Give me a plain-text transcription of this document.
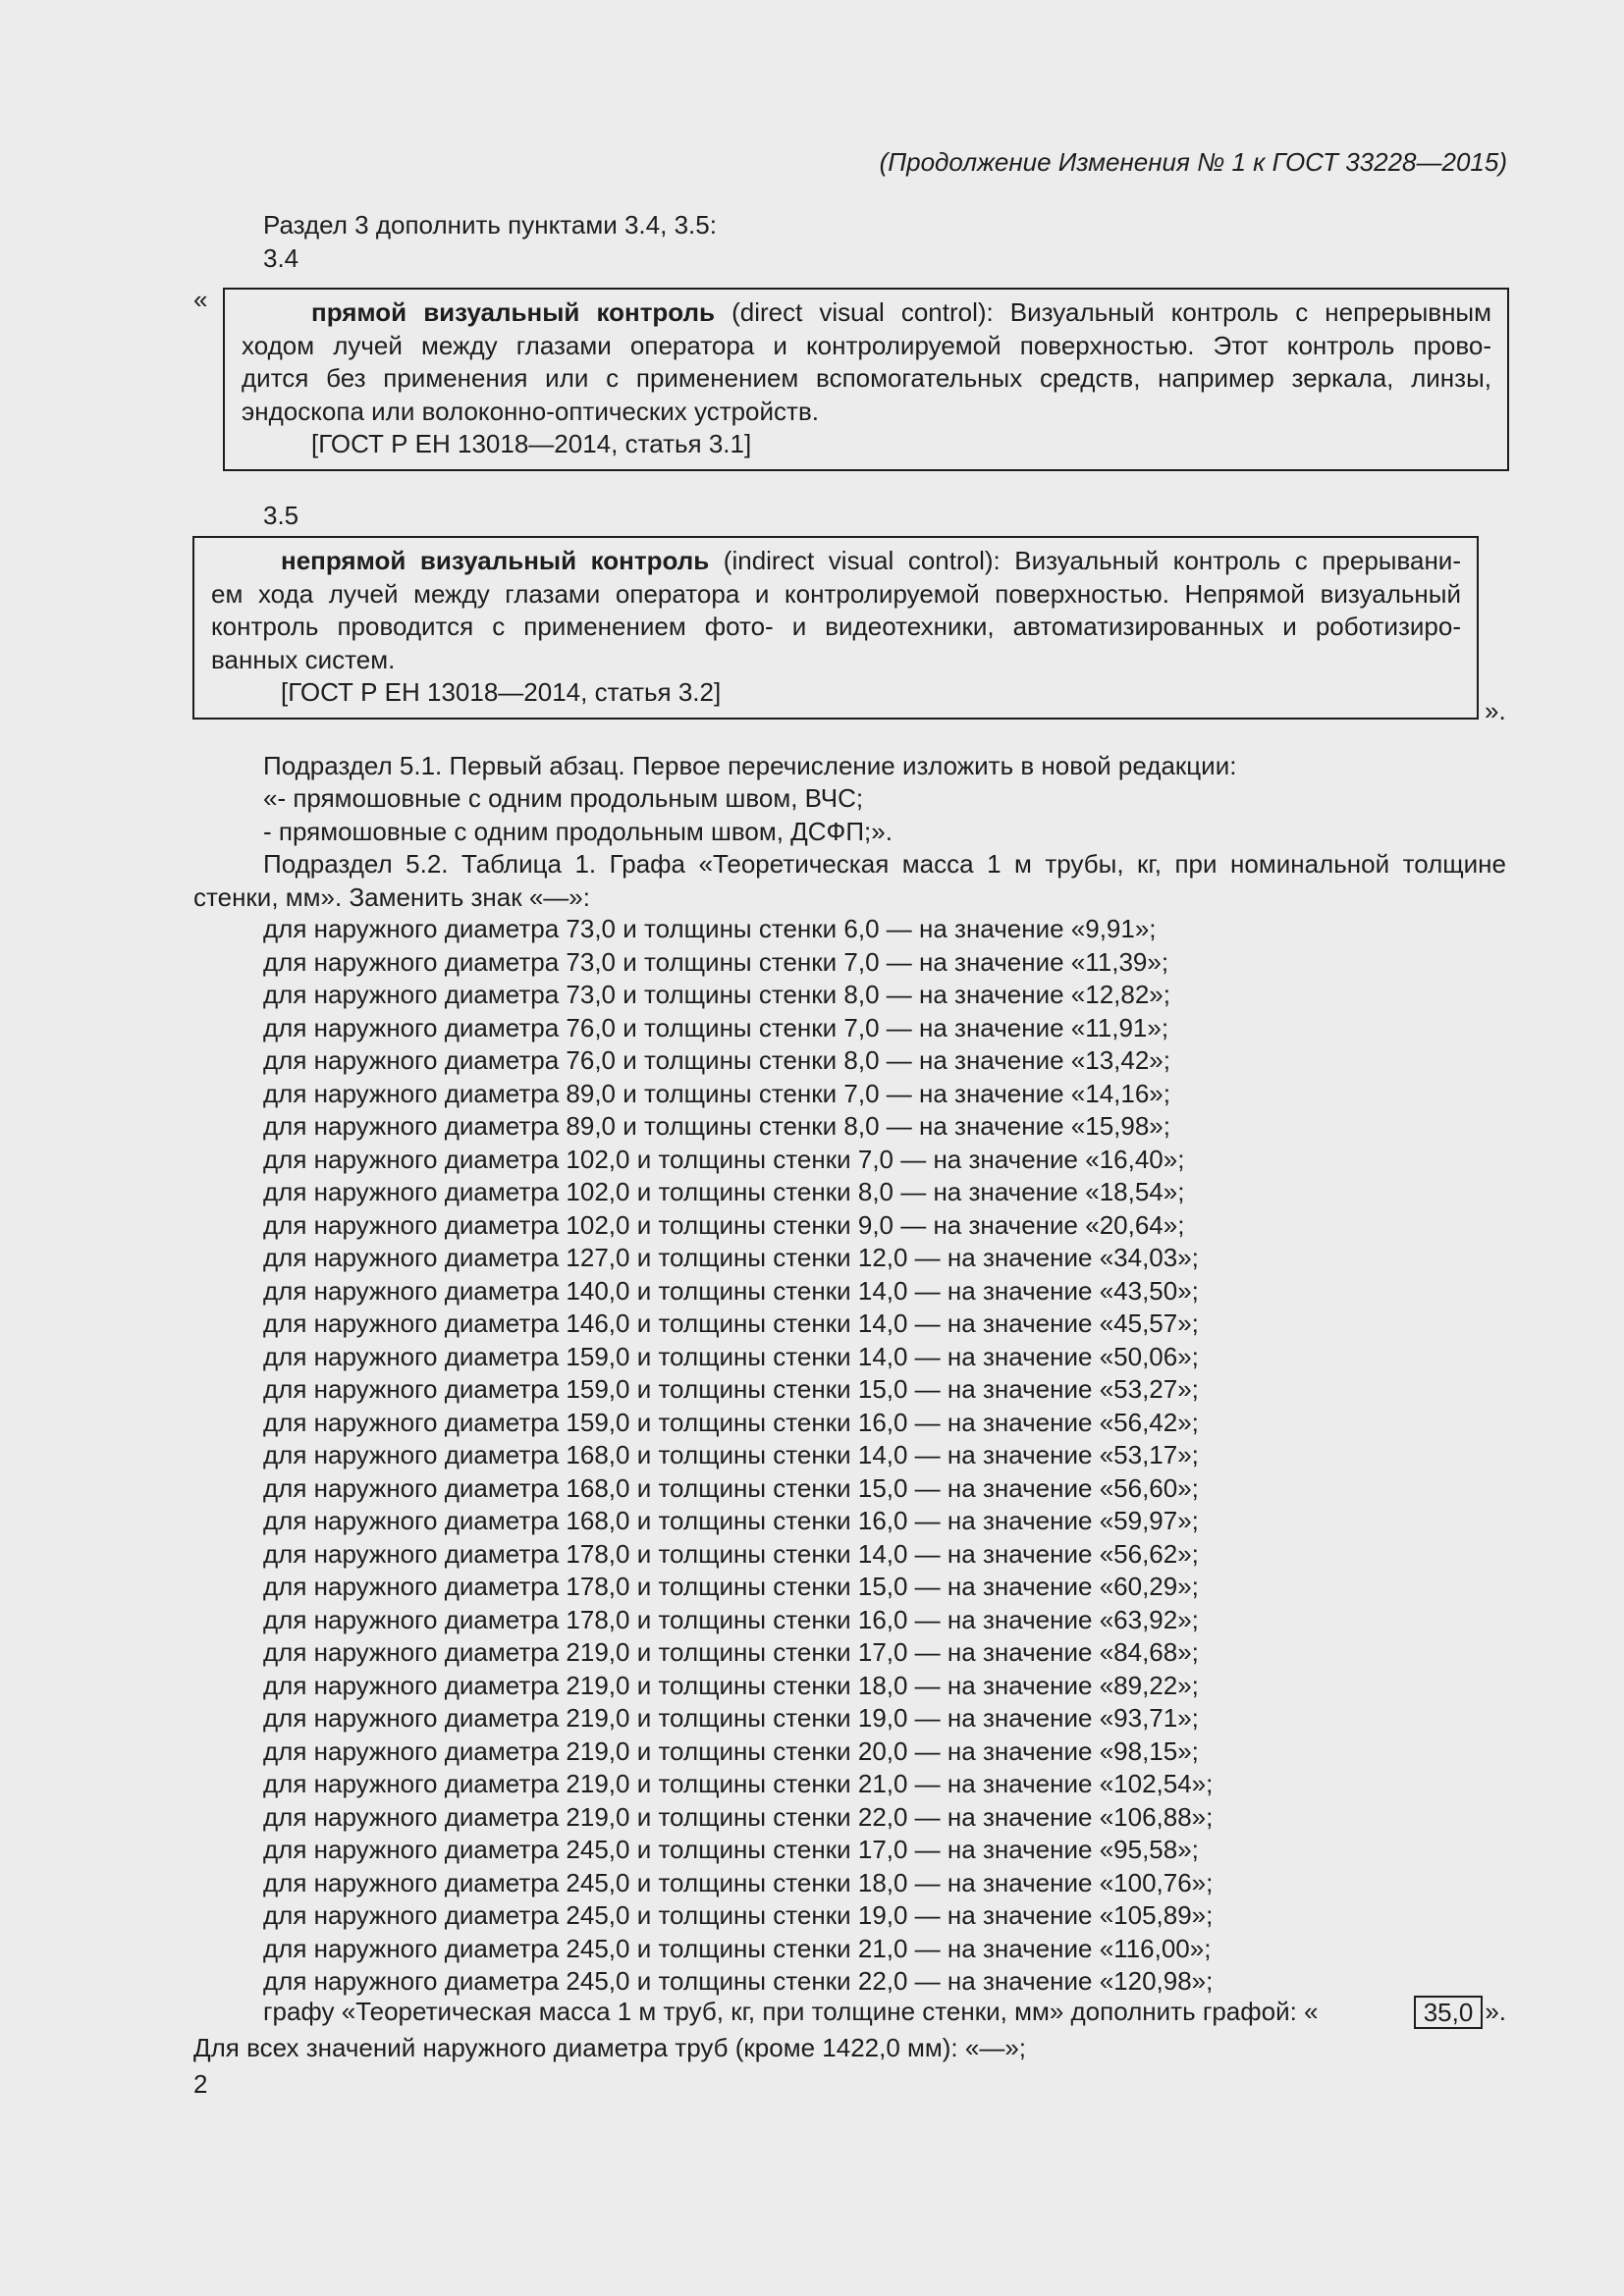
(Продолжение Изменения № 1 к ГОСТ 33228—2015)
Раздел 3 дополнить пунктами 3.4, 3.5:
3.4
«	прямой визуальный контроль (direct visual control): Визуальный контроль с непрерывным
ходом лучей между глазами оператора и контролируемой поверхностью. Этот контроль прово-
дится без применения или с применением вспомогательных средств, например зеркала, линзы,
эндоскопа или волоконно-оптических устройств.
[ГОСТ Р ЕН 13018—2014, статья 3.1]
3.5
непрямой визуальный контроль (indirect visual control): Визуальный контроль с прерывани-
ем хода лучей между глазами оператора и контролируемой поверхностью. Непрямой визуальный
контроль проводится с применением фото- и видеотехники, автоматизированных и роботизиро-
ванных систем.
[ГОСТ Р ЕН 13018—2014, статья 3.2]
».
Подраздел 5.1. Первый абзац. Первое перечисление изложить в новой редакции:
«- прямошовные с одним продольным швом, ВЧС;
- прямошовные с одним продольным швом, ДСФП;».
Подраздел 5.2. Таблица 1. Графа «Теоретическая масса 1 м трубы, кг, при номинальной толщине
стенки, мм». Заменить знак «—»:
для наружного диаметра 73,0 и толщины стенки 6,0 — на значение «9,91»;
для наружного диаметра 73,0 и толщины стенки 7,0 — на значение «11,39»;
для наружного диаметра 73,0 и толщины стенки 8,0 — на значение «12,82»;
для наружного диаметра 76,0 и толщины стенки 7,0 — на значение «11,91»;
для наружного диаметра 76,0 и толщины стенки 8,0 — на значение «13,42»;
для наружного диаметра 89,0 и толщины стенки 7,0 — на значение «14,16»;
для наружного диаметра 89,0 и толщины стенки 8,0 — на значение «15,98»;
для наружного диаметра 102,0 и толщины стенки 7,0 — на значение «16,40»;
для наружного диаметра 102,0 и толщины стенки 8,0 — на значение «18,54»;
для наружного диаметра 102,0 и толщины стенки 9,0 — на значение «20,64»;
для наружного диаметра 127,0 и толщины стенки 12,0 — на значение «34,03»;
для наружного диаметра 140,0 и толщины стенки 14,0 — на значение «43,50»;
для наружного диаметра 146,0 и толщины стенки 14,0 — на значение «45,57»;
для наружного диаметра 159,0 и толщины стенки 14,0 — на значение «50,06»;
для наружного диаметра 159,0 и толщины стенки 15,0 — на значение «53,27»;
для наружного диаметра 159,0 и толщины стенки 16,0 — на значение «56,42»;
для наружного диаметра 168,0 и толщины стенки 14,0 — на значение «53,17»;
для наружного диаметра 168,0 и толщины стенки 15,0 — на значение «56,60»;
для наружного диаметра 168,0 и толщины стенки 16,0 — на значение «59,97»;
для наружного диаметра 178,0 и толщины стенки 14,0 — на значение «56,62»;
для наружного диаметра 178,0 и толщины стенки 15,0 — на значение «60,29»;
для наружного диаметра 178,0 и толщины стенки 16,0 — на значение «63,92»;
для наружного диаметра 219,0 и толщины стенки 17,0 — на значение «84,68»;
для наружного диаметра 219,0 и толщины стенки 18,0 — на значение «89,22»;
для наружного диаметра 219,0 и толщины стенки 19,0 — на значение «93,71»;
для наружного диаметра 219,0 и толщины стенки 20,0 — на значение «98,15»;
для наружного диаметра 219,0 и толщины стенки 21,0 — на значение «102,54»;
для наружного диаметра 219,0 и толщины стенки 22,0 — на значение «106,88»;
для наружного диаметра 245,0 и толщины стенки 17,0 — на значение «95,58»;
для наружного диаметра 245,0 и толщины стенки 18,0 — на значение «100,76»;
для наружного диаметра 245,0 и толщины стенки 19,0 — на значение «105,89»;
для наружного диаметра 245,0 и толщины стенки 21,0 — на значение «116,00»;
для наружного диаметра 245,0 и толщины стенки 22,0 — на значение «120,98»;
графу «Теоретическая масса 1 м труб, кг, при толщине стенки, мм» дополнить графой: «	35,0 ».
Для всех значений наружного диаметра труб (кроме 1422,0 мм): «—»;
2
